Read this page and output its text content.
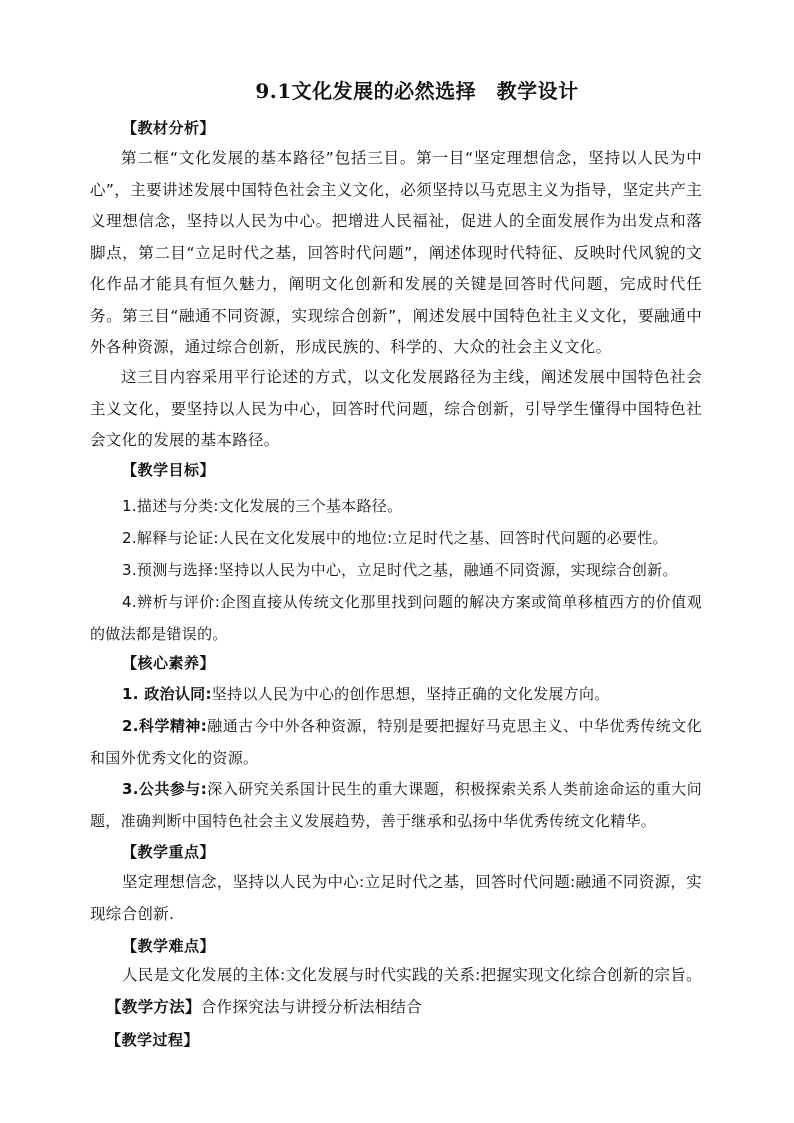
9.1文化发展的必然选择　教学设计
【教材分析】
第二框“文化发展的基本路径”包括三目。第一目“坚定理想信念，坚持以人民为中心”，主要讲述发展中国特色社会主义文化，必须坚持以马克思主义为指导，坚定共产主义理想信念，坚持以人民为中心。把增进人民福祉，促进人的全面发展作为出发点和落脚点，第二目“立足时代之基，回答时代问题”，阐述体现时代特征、反映时代风貌的文化作品才能具有恒久魅力，阐明文化创新和发展的关键是回答时代问题，完成时代任务。第三目“融通不同资源，实现综合创新”，阐述发展中国特色社主义文化，要融通中外各种资源，通过综合创新，形成民族的、科学的、大众的社会主义文化。
这三目内容采用平行论述的方式，以文化发展路径为主线，阐述发展中国特色社会主义文化，要坚持以人民为中心，回答时代问题，综合创新，引导学生懂得中国特色社会文化的发展的基本路径。
【教学目标】
1.描述与分类:文化发展的三个基本路径。
2.解释与论证:人民在文化发展中的地位:立足时代之基、回答时代问题的必要性。
3.预测与选择:坚持以人民为中心，立足时代之基，融通不同资源，实现综合创新。
4.辨析与评价:企图直接从传统文化那里找到问题的解决方案或简单移植西方的价值观的做法都是错误的。
【核心素养】
1. 政治认同:坚持以人民为中心的创作思想，坚持正确的文化发展方向。
2.科学精神:融通古今中外各种资源，特别是要把握好马克思主义、中华优秀传统文化和国外优秀文化的资源。
3.公共参与:深入研究关系国计民生的重大课题，积极探索关系人类前途命运的重大问题，准确判断中国特色社会主义发展趋势，善于继承和弘扬中华优秀传统文化精华。
【教学重点】
坚定理想信念，坚持以人民为中心:立足时代之基，回答时代问题:融通不同资源，实现综合创新.
【教学难点】
人民是文化发展的主体:文化发展与时代实践的关系:把握实现文化综合创新的宗旨。
【教学方法】合作探究法与讲授分析法相结合
【教学过程】
